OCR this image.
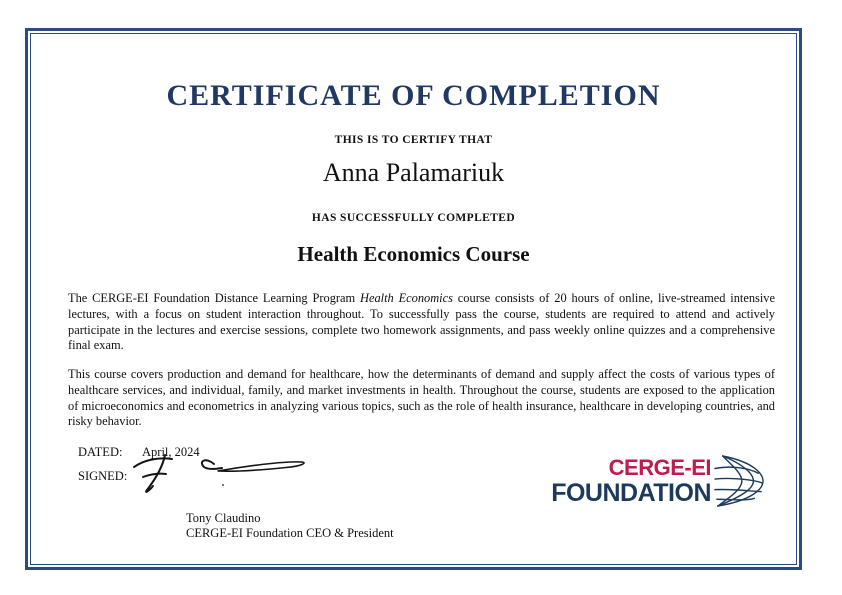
CERTIFICATE OF COMPLETION
THIS IS TO CERTIFY THAT
Anna Palamariuk
HAS SUCCESSFULLY COMPLETED
Health Economics Course

The CERGE-EI Foundation Distance Learning Program Health Economics course consists of 20 hours of online, live-streamed intensive lectures, with a focus on student interaction throughout. To successfully pass the course, students are required to attend and actively participate in the lectures and exercise sessions, complete two homework assignments, and pass weekly online quizzes and a comprehensive final exam.

This course covers production and demand for healthcare, how the determinants of demand and supply affect the costs of various types of healthcare services, and individual, family, and market investments in health. Throughout the course, students are exposed to the application of microeconomics and econometrics in analyzing various topics, such as the role of health insurance, healthcare in developing countries, and risky behavior.

DATED:	April, 2024
SIGNED:
Tony Claudino
CERGE-EI Foundation CEO & President
CERGE-EI
FOUNDATION
